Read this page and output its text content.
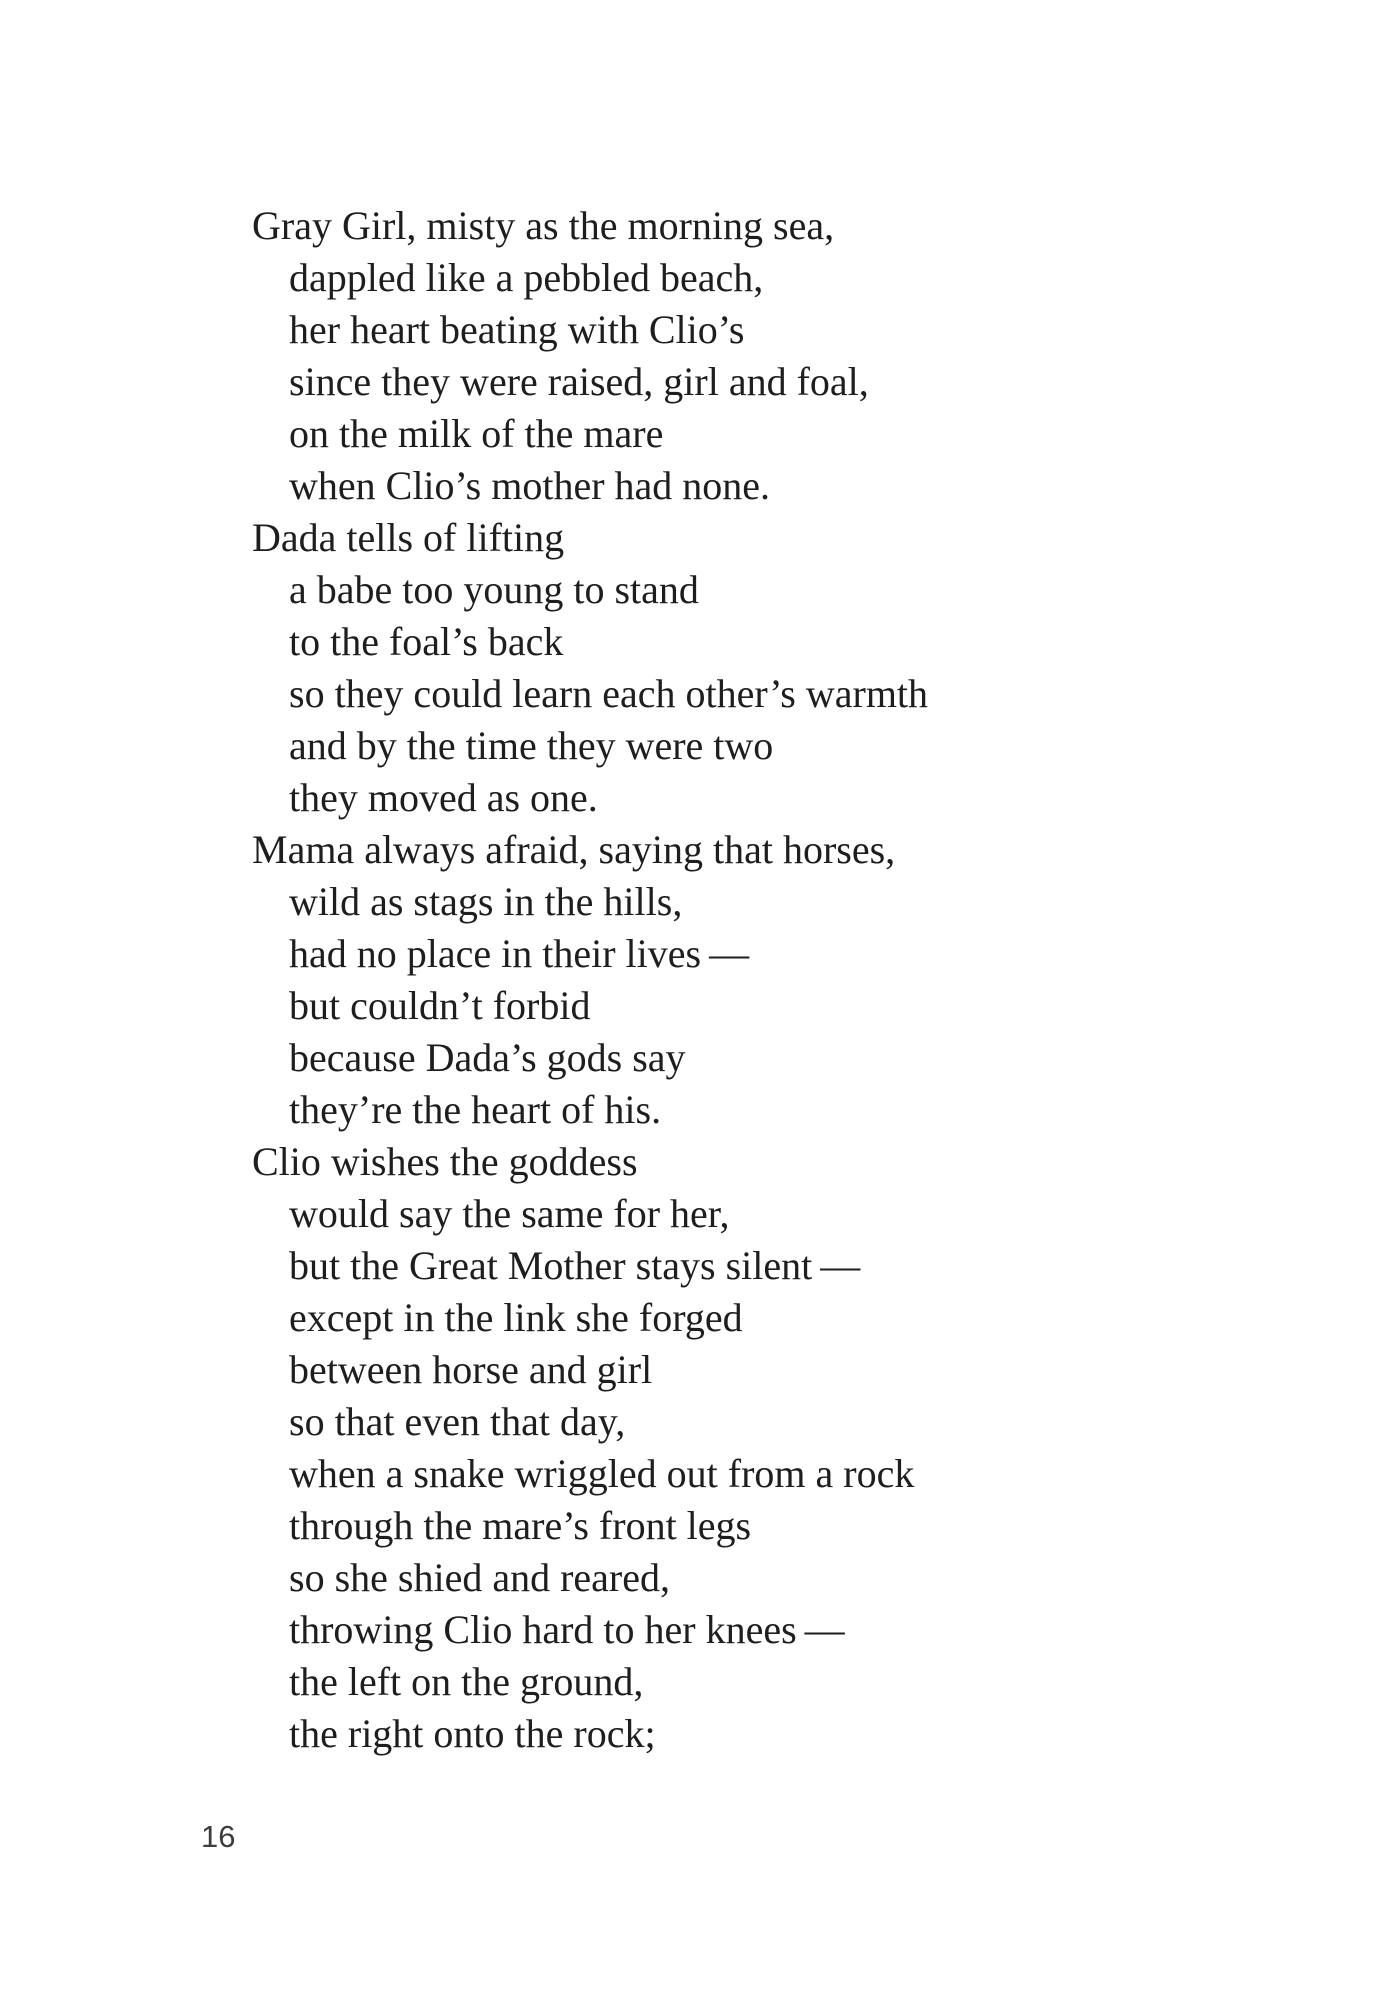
Gray Girl, misty as the morning sea,
dappled like a pebbled beach,
her heart beating with Clio’s
since they were raised, girl and foal,
on the milk of the mare
when Clio’s mother had none.
Dada tells of lifting
a babe too young to stand
to the foal’s back
so they could learn each other’s warmth
and by the time they were two
they moved as one.
Mama always afraid, saying that horses,
wild as stags in the hills,
had no place in their lives —
but couldn’t forbid
because Dada’s gods say
they’re the heart of his.
Clio wishes the goddess
would say the same for her,
but the Great Mother stays silent —
except in the link she forged
between horse and girl
so that even that day,
when a snake wriggled out from a rock
through the mare’s front legs
so she shied and reared,
throwing Clio hard to her knees —
the left on the ground,
the right onto the rock;
16
